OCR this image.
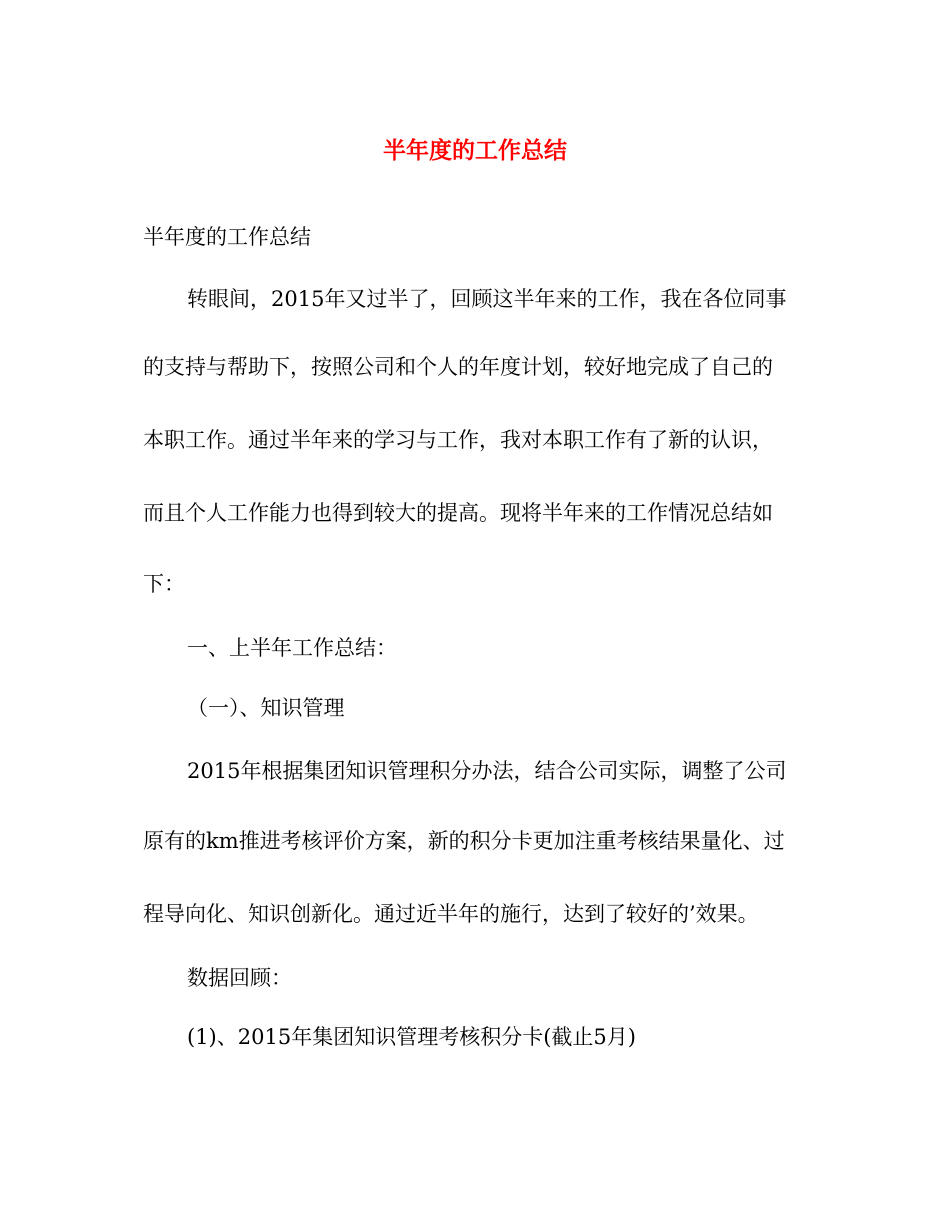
半年度的工作总结
半年度的工作总结
转眼间，2015年又过半了，回顾这半年来的工作，我在各位同事
的支持与帮助下，按照公司和个人的年度计划，较好地完成了自己的
本职工作。通过半年来的学习与工作，我对本职工作有了新的认识，
而且个人工作能力也得到较大的提高。现将半年来的工作情况总结如
下：
一、上半年工作总结：
（一）、知识管理
2015年根据集团知识管理积分办法，结合公司实际，调整了公司
原有的km推进考核评价方案，新的积分卡更加注重考核结果量化、过
程导向化、知识创新化。通过近半年的施行，达到了较好的’效果。
数据回顾：
(1)、2015年集团知识管理考核积分卡(截止5月)
